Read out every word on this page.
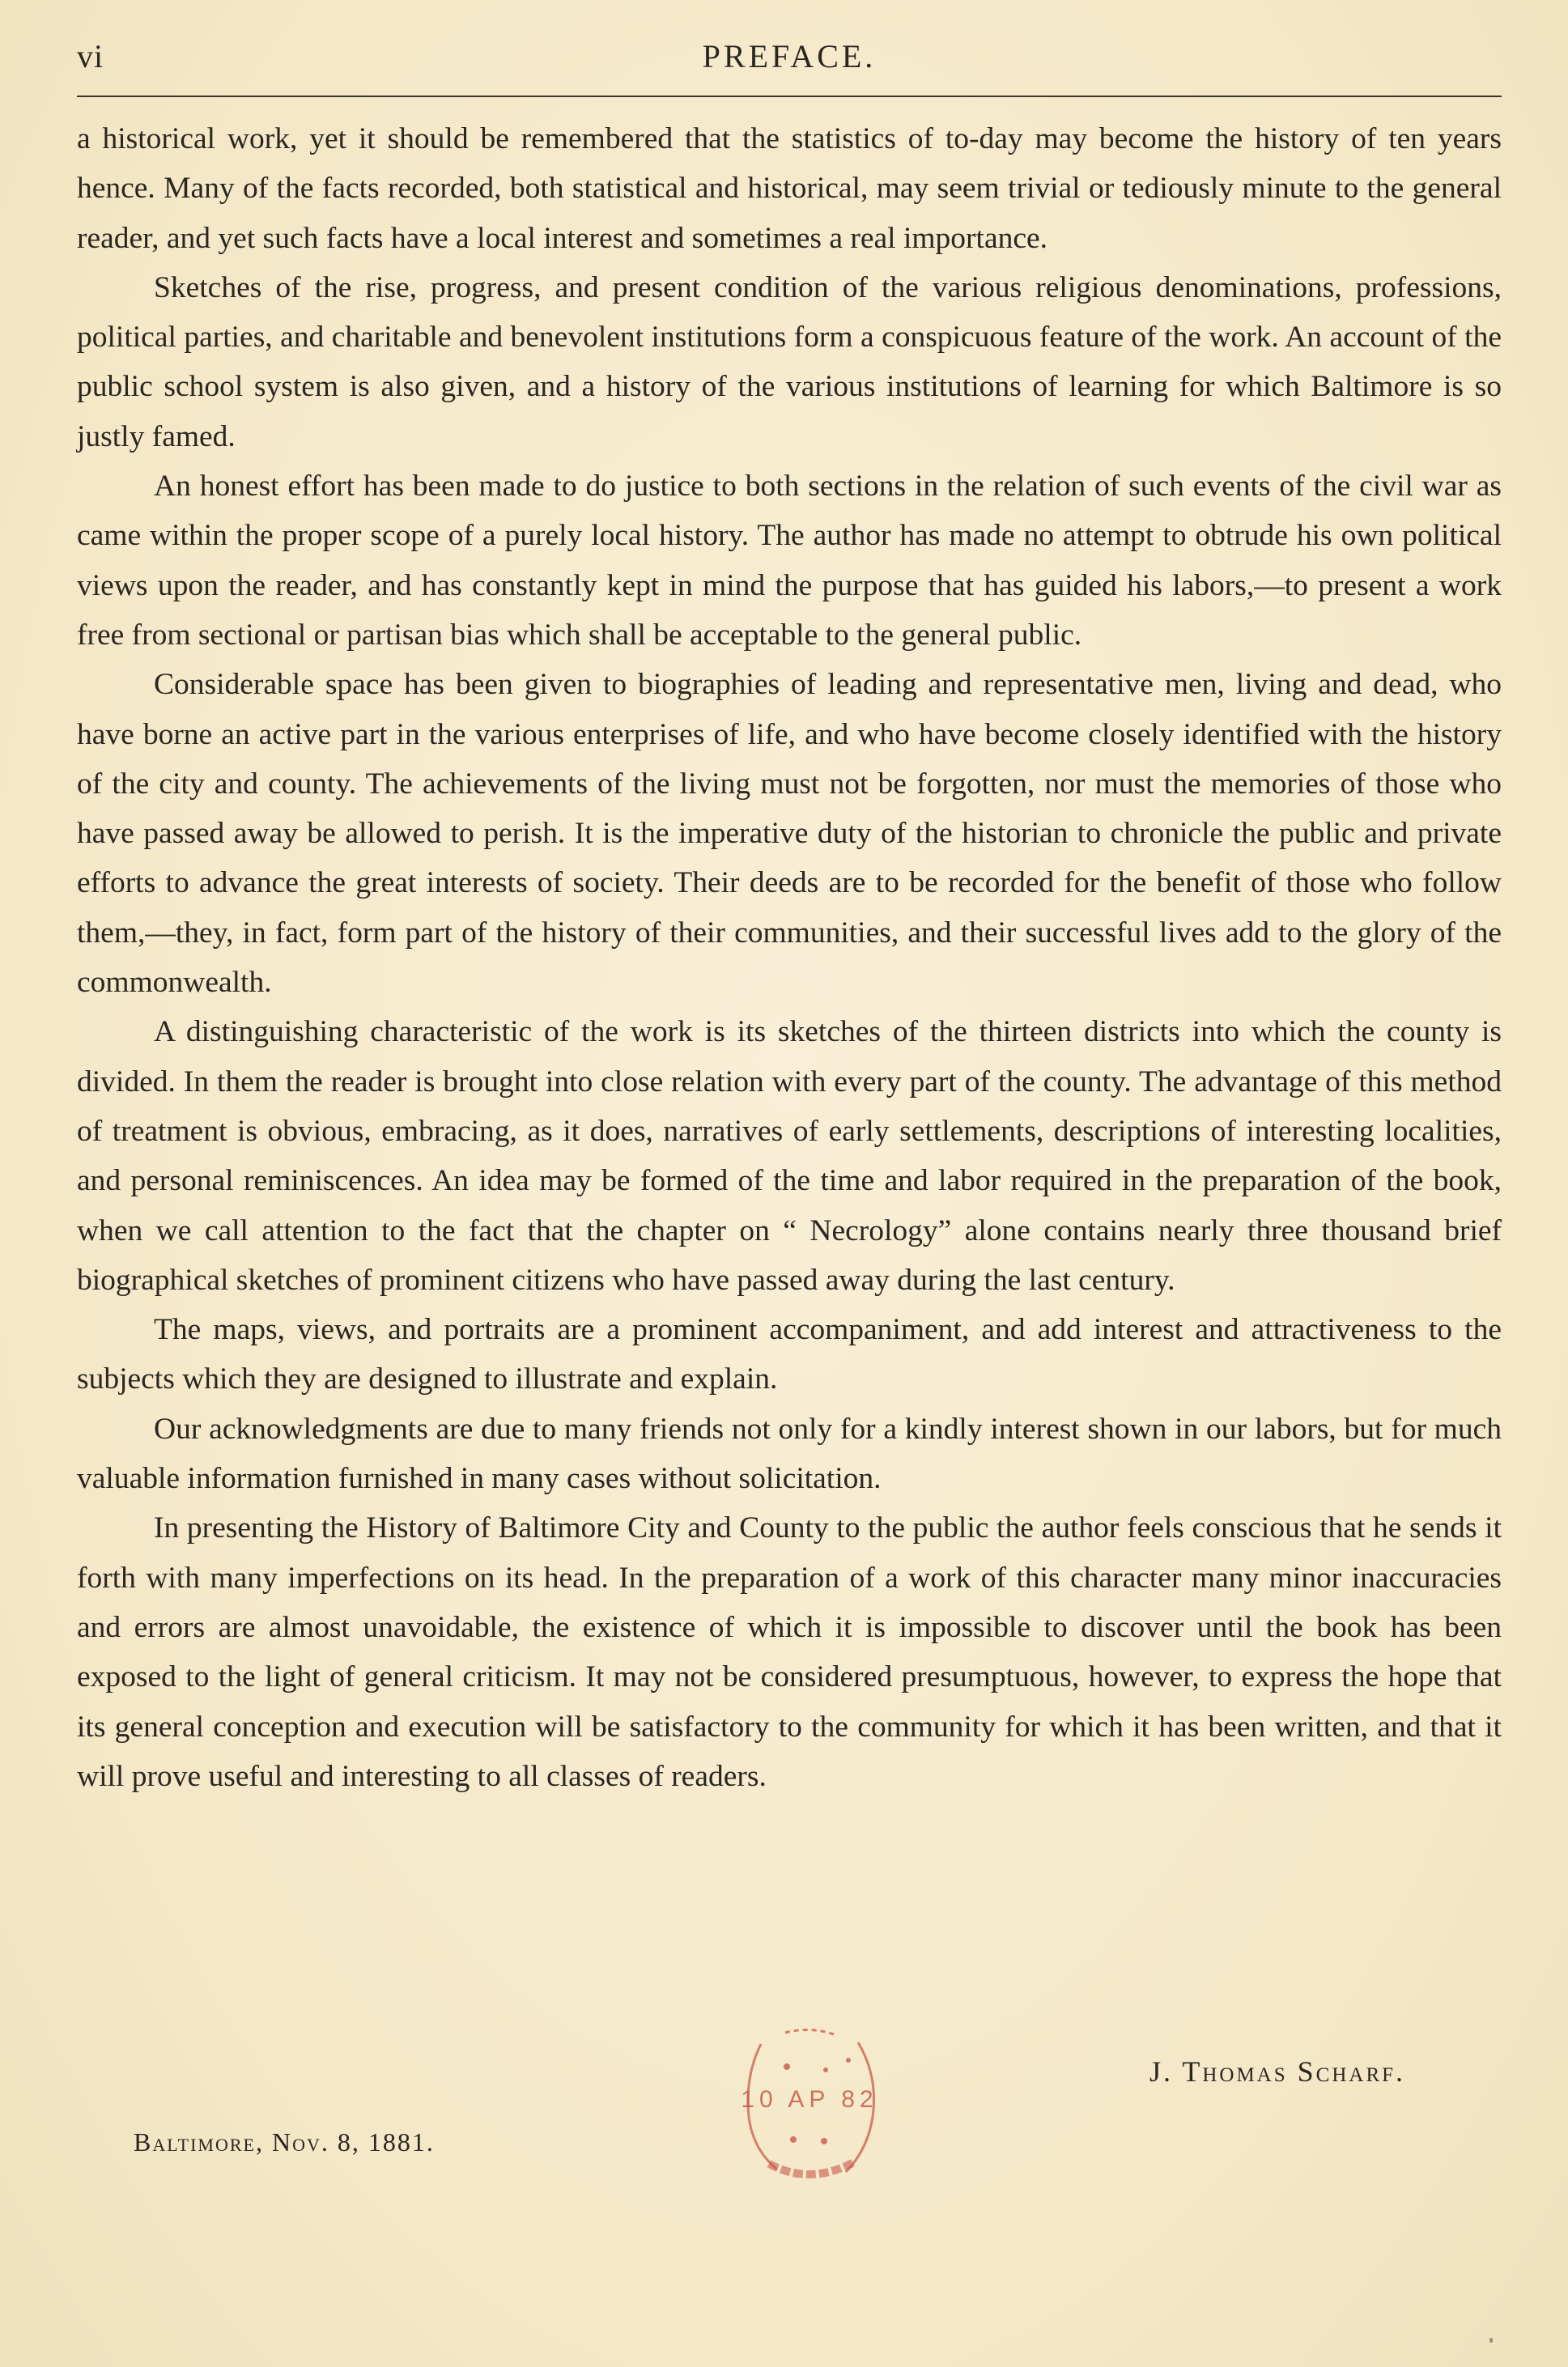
vi	PREFACE.

a historical work, yet it should be remembered that the statistics of to-day may become the history of ten years hence. Many of the facts recorded, both statistical and historical, may seem trivial or tediously minute to the general reader, and yet such facts have a local interest and sometimes a real importance.

Sketches of the rise, progress, and present condition of the various religious denominations, professions, political parties, and charitable and benevolent institutions form a conspicuous feature of the work. An account of the public school system is also given, and a history of the various institutions of learning for which Baltimore is so justly famed.

An honest effort has been made to do justice to both sections in the relation of such events of the civil war as came within the proper scope of a purely local history. The author has made no attempt to obtrude his own political views upon the reader, and has constantly kept in mind the purpose that has guided his labors,—to present a work free from sectional or partisan bias which shall be acceptable to the general public.

Considerable space has been given to biographies of leading and representative men, living and dead, who have borne an active part in the various enterprises of life, and who have become closely identified with the history of the city and county. The achievements of the living must not be forgotten, nor must the memories of those who have passed away be allowed to perish. It is the imperative duty of the historian to chronicle the public and private efforts to advance the great interests of society. Their deeds are to be recorded for the benefit of those who follow them,—they, in fact, form part of the history of their communities, and their successful lives add to the glory of the commonwealth.

A distinguishing characteristic of the work is its sketches of the thirteen districts into which the county is divided. In them the reader is brought into close relation with every part of the county. The advantage of this method of treatment is obvious, embracing, as it does, narratives of early settlements, descriptions of interesting localities, and personal reminiscences. An idea may be formed of the time and labor required in the preparation of the book, when we call attention to the fact that the chapter on “ Necrology” alone contains nearly three thousand brief biographical sketches of prominent citizens who have passed away during the last century.

The maps, views, and portraits are a prominent accompaniment, and add interest and attractiveness to the subjects which they are designed to illustrate and explain.

Our acknowledgments are due to many friends not only for a kindly interest shown in our labors, but for much valuable information furnished in many cases without solicitation.

In presenting the History of Baltimore City and County to the public the author feels conscious that he sends it forth with many imperfections on its head. In the preparation of a work of this character many minor inaccuracies and errors are almost unavoidable, the existence of which it is impossible to discover until the book has been exposed to the light of general criticism. It may not be considered presumptuous, however, to express the hope that its general conception and execution will be satisfactory to the community for which it has been written, and that it will prove useful and interesting to all classes of readers.

10 AP 82
J. Thomas Scharf.
Baltimore, Nov. 8, 1881.
